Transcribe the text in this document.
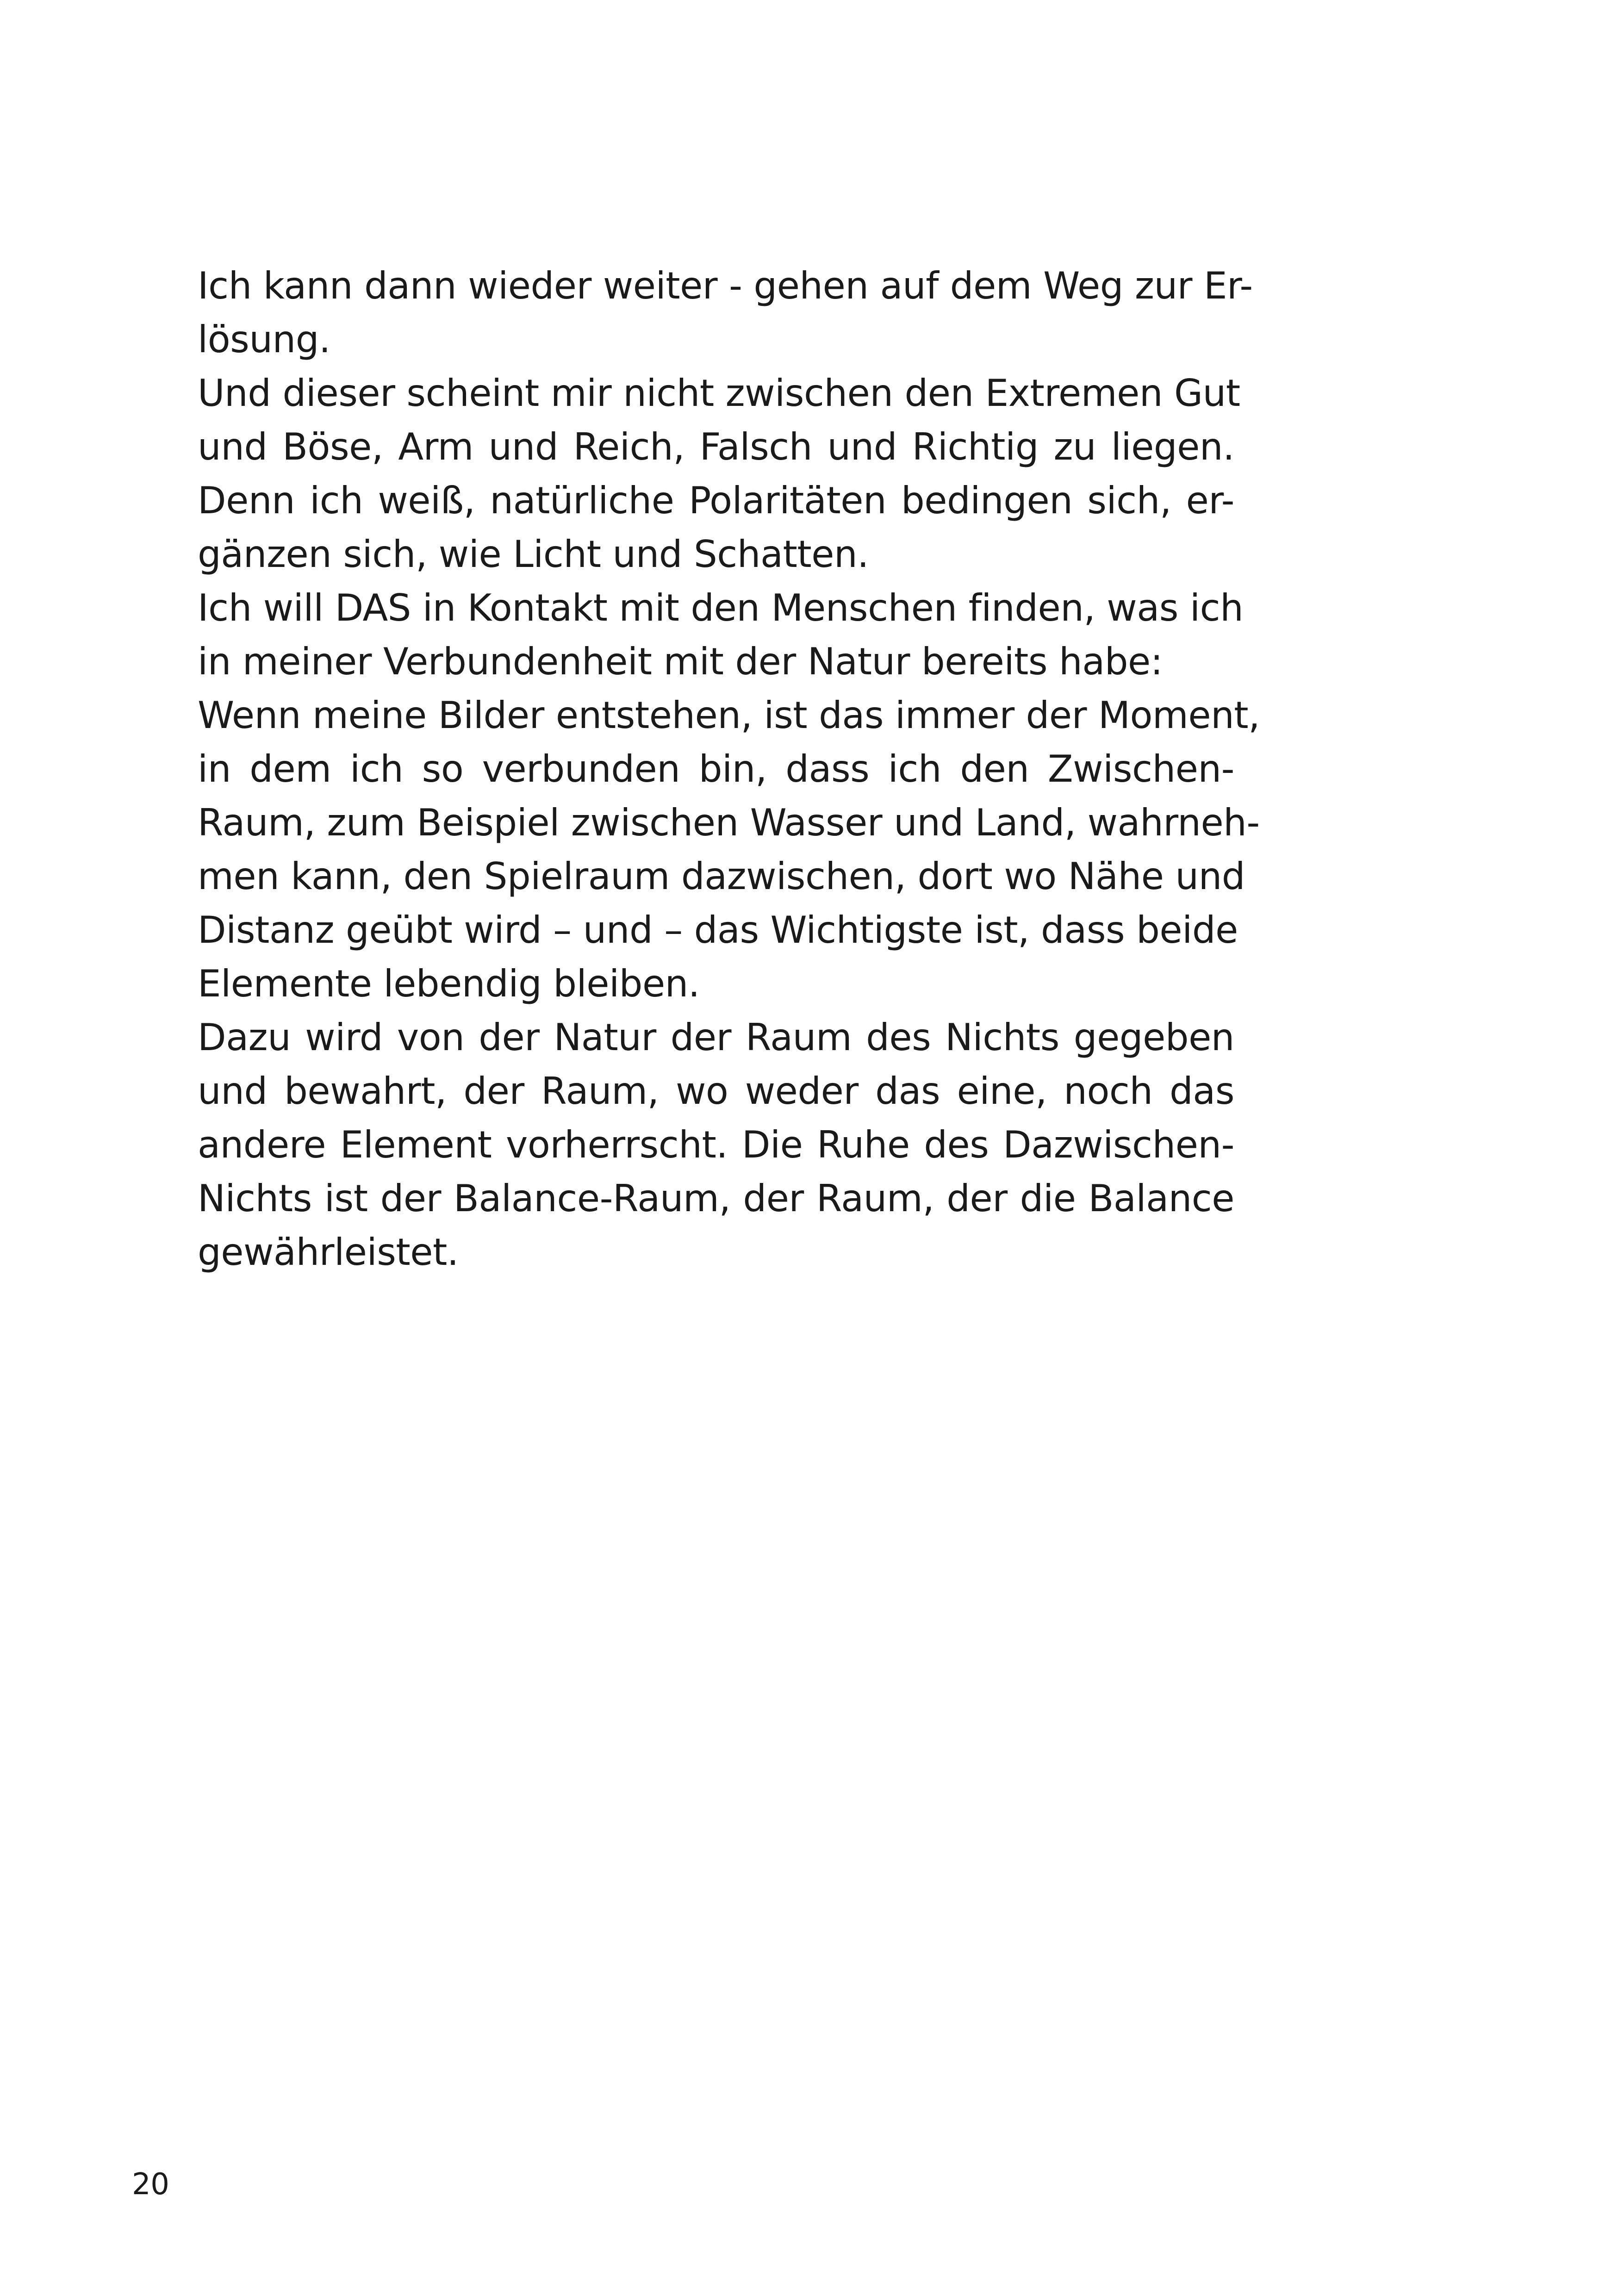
Ich kann dann wieder weiter - gehen auf dem Weg zur Er-
lösung.
Und dieser scheint mir nicht zwischen den Extremen Gut
und Böse, Arm und Reich, Falsch und Richtig zu liegen.
Denn ich weiß, natürliche Polaritäten bedingen sich, er-
gänzen sich, wie Licht und Schatten.
Ich will DAS in Kontakt mit den Menschen finden, was ich
in meiner Verbundenheit mit der Natur bereits habe:
Wenn meine Bilder entstehen, ist das immer der Moment,
in dem ich so verbunden bin, dass ich den Zwischen-
Raum, zum Beispiel zwischen Wasser und Land, wahrneh-
men kann, den Spielraum dazwischen, dort wo Nähe und
Distanz geübt wird – und – das Wichtigste ist, dass beide
Elemente lebendig bleiben.
Dazu wird von der Natur der Raum des Nichts gegeben
und bewahrt, der Raum, wo weder das eine, noch das
andere Element vorherrscht. Die Ruhe des Dazwischen-
Nichts ist der Balance-Raum, der Raum, der die Balance
gewährleistet.
20
